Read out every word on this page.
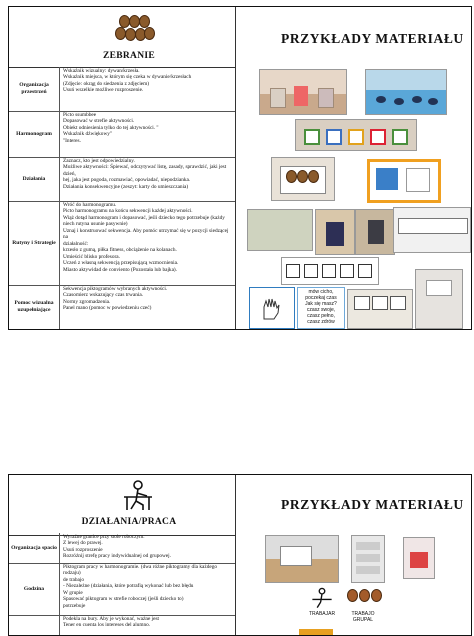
ZEBRANIE
Organizacja przestrzeń
Wskaźnik wizualny: dywan/krzesła.
Wskaźnik miejsca, w którym się czeka w dywanie/krzesłach
(Zdjęcie: okrąg do siedzenia z zdjęciem)
Usuń wszelkie możliwe rozproszenie.
Harmonogram
Picto ssumbbee
Dopasować w strefie aktywności.
Obiekt odniesienia tylko do tej aktywności. "
Wskaźnik dźwiękowy"
"Interes.
Działania
Zaznacz, kto jest odpowiedzialny.
Możliwe aktywności: Śpiewać, odczytywać listę, zasady, sprawdzić, jaki jest dzień,
hej, jaka jest pogoda, rozmawiać, opowiadać, niepodzianka.
Działania konsekwencyjne (zeszyt: karty do umieszczania)
Rutyny i Strategie
Wróć do harmonogramu.
Picto harmonogramu na końcu sekwencji każdej aktywności.
Wiąż dotąd harmonogram i dopasować, jeśli dziecko tego potrzebuje (każdy
niech rutyna usunie pasywnie)
Uznaj i konstruować sekwencja. Aby pomóc utrzymać się w pozycji siedzącej na
działalność:
krzesło z gumą, piłka fitness, obciążenie na kolanach.
Umieścić blisko profesora.
Uczeń z własną sekwencją przepisującą wzmocnienia.
Miasto aktywidad de conviento (Pozostała lub bajka).
Pomoc wizualna uzupełniające
Sekwencja piktogramów wybranych aktywności.
Czasomierz wskazujący czas trwania.
Normy zgromadzenia.
Panel mano (pomoc w powiedzeniu czeć)
PRZYKŁADY MATERIAŁU
mów cicho,
poczekaj czas
Jak się masz?
czasz swoje,
czasz pełno,
czasz zdrów
DZIAŁANIA/PRACA
Organizacja spacio
Wyraźne granice przy stole roboczym.
Z lewej do prawej.
Usuń rozproszenie
Rozróżnij strefę pracy indywidualnej od grupowej.
Godzina
Piktogram pracy w harmonogramie. (dwa różne piktogramy dla każdego rodzaju)
de trabajo
- Niezależne (działania, które potrafią wykonać lub bez błędu
W grupie
Spasować piktogram w strefie roboczej (jeśli dziecko to)
potrzebuje
Podekla na bury. Aby je wykonać, ważne jest
Tener en cuenta los intereses del alumno.
PRZYKŁADY MATERIAŁU
TRABAJAR	TRABAJO GRUPAL
